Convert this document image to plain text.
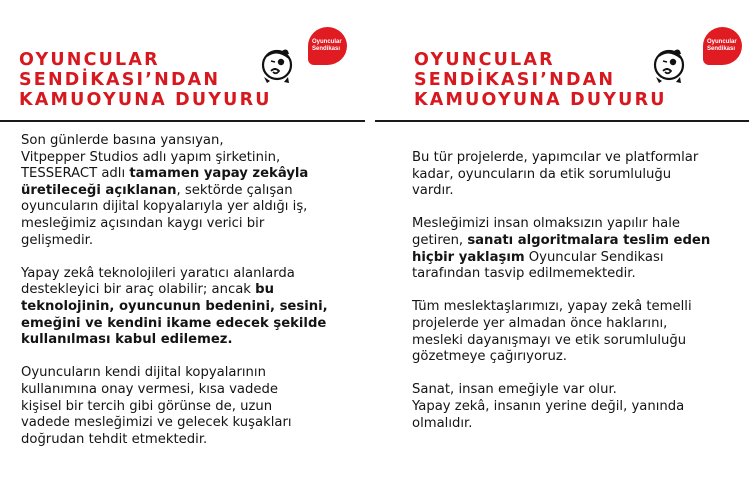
OYUNCULAR
SENDİKASI’NDAN
KAMUOYUNA DUYURU
Oyuncular
Sendikası
Son günlerde basına yansıyan,
Vitpepper Studios adlı yapım şirketinin,
TESSERACT adlı tamamen yapay zekâyla
üretileceği açıklanan, sektörde çalışan
oyuncuların dijital kopyalarıyla yer aldığı iş,
mesleğimiz açısından kaygı verici bir
gelişmedir.
Yapay zekâ teknolojileri yaratıcı alanlarda
destekleyici bir araç olabilir; ancak bu
teknolojinin, oyuncunun bedenini, sesini,
emeğini ve kendini ikame edecek şekilde
kullanılması kabul edilemez.
Oyuncuların kendi dijital kopyalarının
kullanımına onay vermesi, kısa vadede
kişisel bir tercih gibi görünse de, uzun
vadede mesleğimizi ve gelecek kuşakları
doğrudan tehdit etmektedir.
OYUNCULAR
SENDİKASI’NDAN
KAMUOYUNA DUYURU
Oyuncular
Sendikası
Bu tür projelerde, yapımcılar ve platformlar
kadar, oyuncuların da etik sorumluluğu
vardır.
Mesleğimizi insan olmaksızın yapılır hale
getiren, sanatı algoritmalara teslim eden
hiçbir yaklaşım Oyuncular Sendikası
tarafından tasvip edilmemektedir.
Tüm meslektaşlarımızı, yapay zekâ temelli
projelerde yer almadan önce haklarını,
mesleki dayanışmayı ve etik sorumluluğu
gözetmeye çağırıyoruz.
Sanat, insan emeğiyle var olur.
Yapay zekâ, insanın yerine değil, yanında
olmalıdır.
